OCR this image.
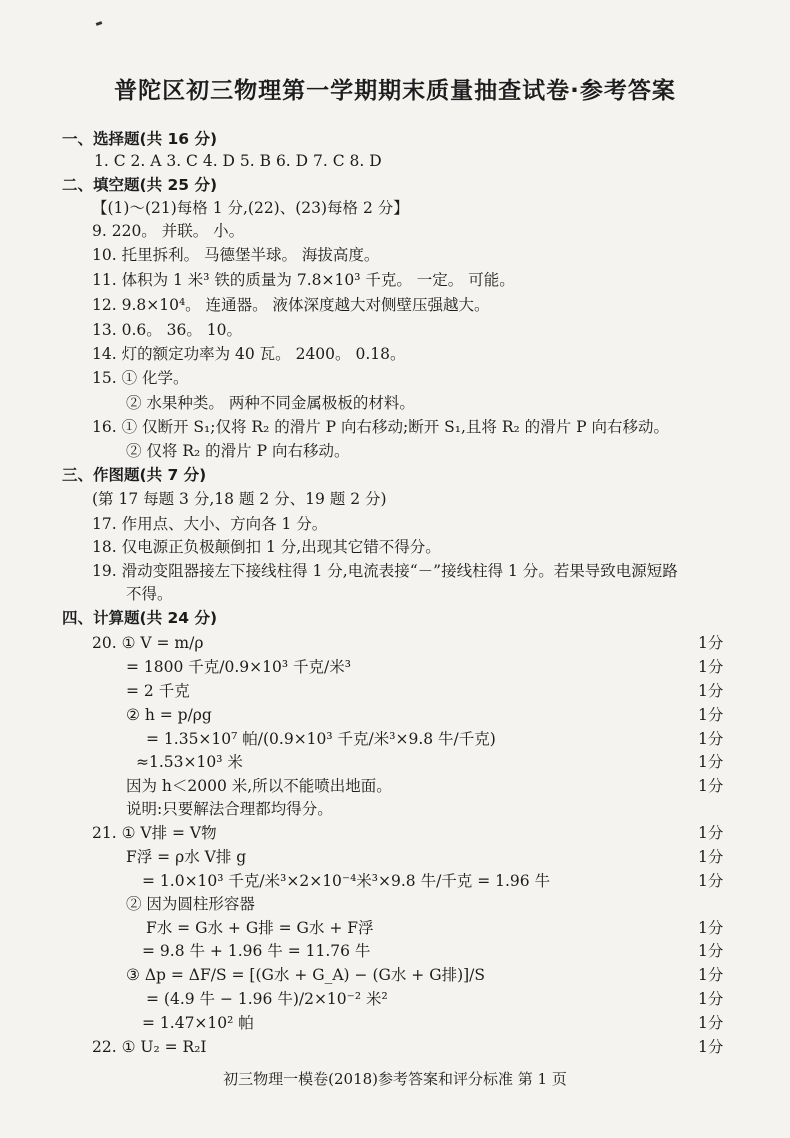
普陀区初三物理第一学期期末质量抽查试卷·参考答案
一、选择题(共 16 分)
1. C 2. A 3. C 4. D 5. B 6. D 7. C 8. D
二、填空题(共 25 分)
【(1)～(21)每格 1 分,(22)、(23)每格 2 分】
9. 220。 并联。 小。
10. 托里拆利。 马德堡半球。 海拔高度。
11. 体积为 1 米³ 铁的质量为 7.8×10³ 千克。 一定。 可能。
12. 9.8×10⁴。 连通器。 液体深度越大对侧壁压强越大。
13. 0.6。 36。 10。
14. 灯的额定功率为 40 瓦。 2400。 0.18。
15. ① 化学。
② 水果种类。 两种不同金属极板的材料。
16. ① 仅断开 S₁;仅将 R₂ 的滑片 P 向右移动;断开 S₁,且将 R₂ 的滑片 P 向右移动。
② 仅将 R₂ 的滑片 P 向右移动。
三、作图题(共 7 分)
(第 17 每题 3 分,18 题 2 分、19 题 2 分)
17. 作用点、大小、方向各 1 分。
18. 仅电源正负极颠倒扣 1 分,出现其它错不得分。
19. 滑动变阻器接左下接线柱得 1 分,电流表接“－”接线柱得 1 分。若果导致电源短路
不得。
四、计算题(共 24 分)
20. ① V = m/ρ	1分
= 1800 千克/0.9×10³ 千克/米³	1分
= 2 千克	1分
② h = p/ρg	1分
= 1.35×10⁷ 帕/(0.9×10³ 千克/米³×9.8 牛/千克)	1分
≈1.53×10³ 米	1分
因为 h＜2000 米,所以不能喷出地面。	1分
说明:只要解法合理都均得分。
21. ① V排 = V物	1分
F浮 = ρ水 V排 g	1分
= 1.0×10³ 千克/米³×2×10⁻⁴米³×9.8 牛/千克 = 1.96 牛	1分
② 因为圆柱形容器
F水 = G水 + G排 = G水 + F浮	1分
= 9.8 牛 + 1.96 牛 = 11.76 牛	1分
③ Δp = ΔF/S = [(G水 + G_A) − (G水 + G排)]/S	1分
= (4.9 牛 − 1.96 牛)/2×10⁻² 米²	1分
= 1.47×10² 帕	1分
22. ① U₂ = R₂I	1分
初三物理一模卷(2018)参考答案和评分标准 第 1 页
